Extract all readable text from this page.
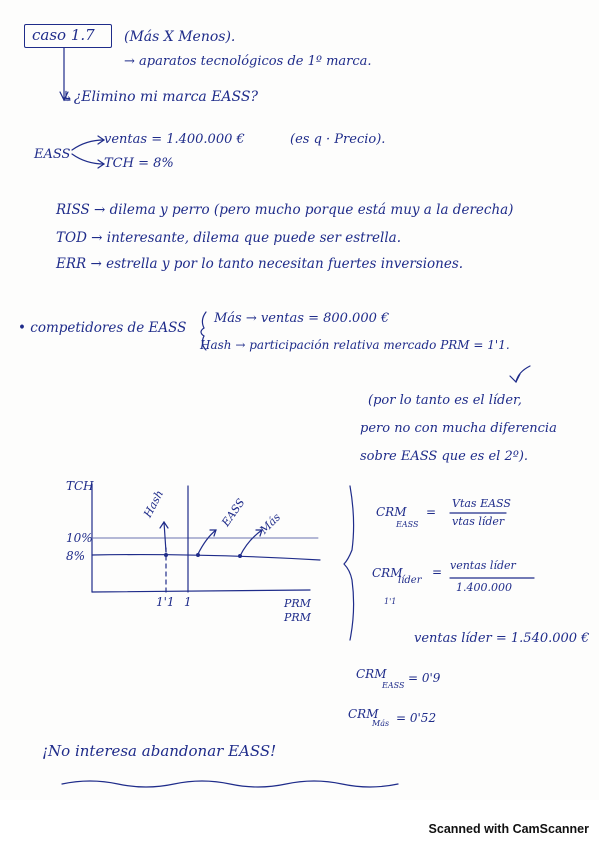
caso 1.7 (Más X Menos).
→ aparatos tecnológicos de 1º marca.
↳¿Elimino mi marca EASS?
EASS
ventas = 1.400.000 €	(es q · Precio).
TCH = 8%
RISS → dilema y perro (pero mucho porque está muy a la derecha)
TOD → interesante, dilema que puede ser estrella.
ERR → estrella y por lo tanto necesitan fuertes inversiones.
• competidores de EASS
Más → ventas = 800.000 €
Hash → participación relativa mercado PRM = 1'1.
(por lo tanto es el líder,
pero no con mucha diferencia
sobre EASS que es el 2º).
TCH
10%
8%
1'1 1	PRM
PRM
Hash	EASS Más	CRM
EASS
=
Vtas EASS
vtas líder
CRM
líder
= ventas líder
1.400.000
1'1
ventas líder = 1.540.000 €
CRM
EASS
= 0'9
CRM
Más = 0'52
¡No interesa abandonar EASS!
Scanned with CamScanner
